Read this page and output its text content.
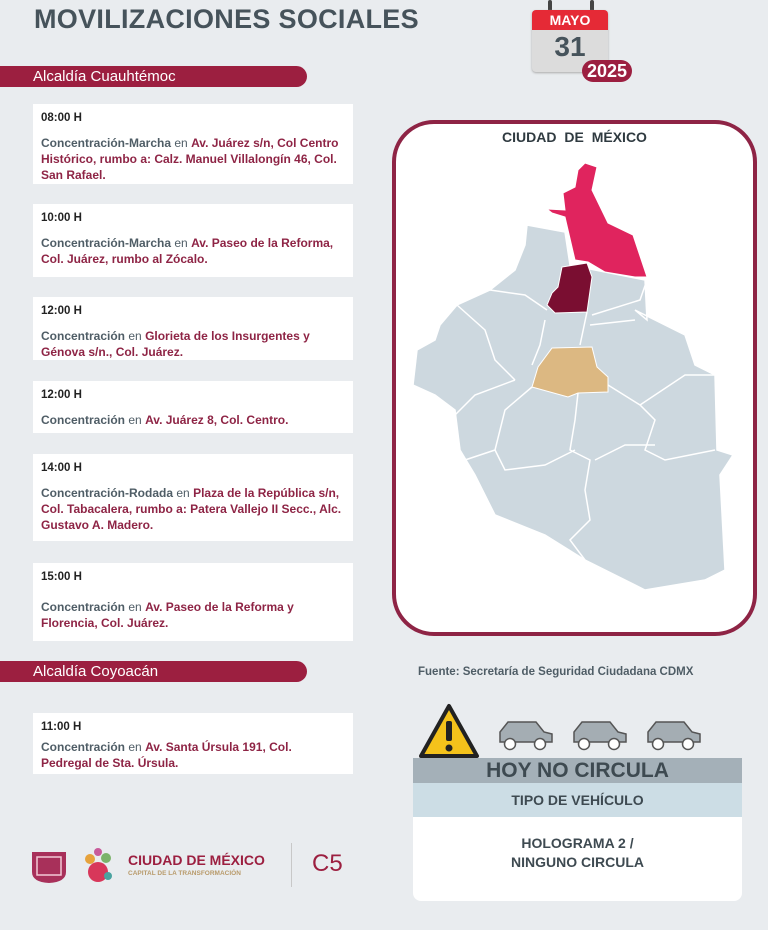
MOVILIZACIONES SOCIALES	MAYO
31
2025
Alcaldía Cuauhtémoc
08:00 H
Concentración-Marcha en Av. Juárez s/n, Col Centro Histórico, rumbo a: Calz. Manuel Villalongín 46, Col. San Rafael.
10:00 H
Concentración-Marcha en Av. Paseo de la Reforma, Col. Juárez, rumbo al Zócalo.
12:00 H
Concentración en Glorieta de los Insurgentes y Génova s/n., Col. Juárez.
12:00 H
Concentración en Av. Juárez 8, Col. Centro.
14:00 H
Concentración-Rodada en Plaza de la República s/n, Col. Tabacalera, rumbo a: Patera Vallejo II Secc., Alc. Gustavo A. Madero.
15:00 H
Concentración en Av. Paseo de la Reforma y Florencia, Col. Juárez.
Alcaldía Coyoacán
11:00 H
Concentración en Av. Santa Úrsula 191, Col. Pedregal de Sta. Úrsula.
CIUDAD DE MÉXICO
Fuente: Secretaría de Seguridad Ciudadana CDMX
HOY NO CIRCULA
TIPO DE VEHÍCULO
HOLOGRAMA 2 /
NINGUNO CIRCULA
CIUDAD DE MÉXICO
CAPITAL DE LA TRANSFORMACIÓN	C5
